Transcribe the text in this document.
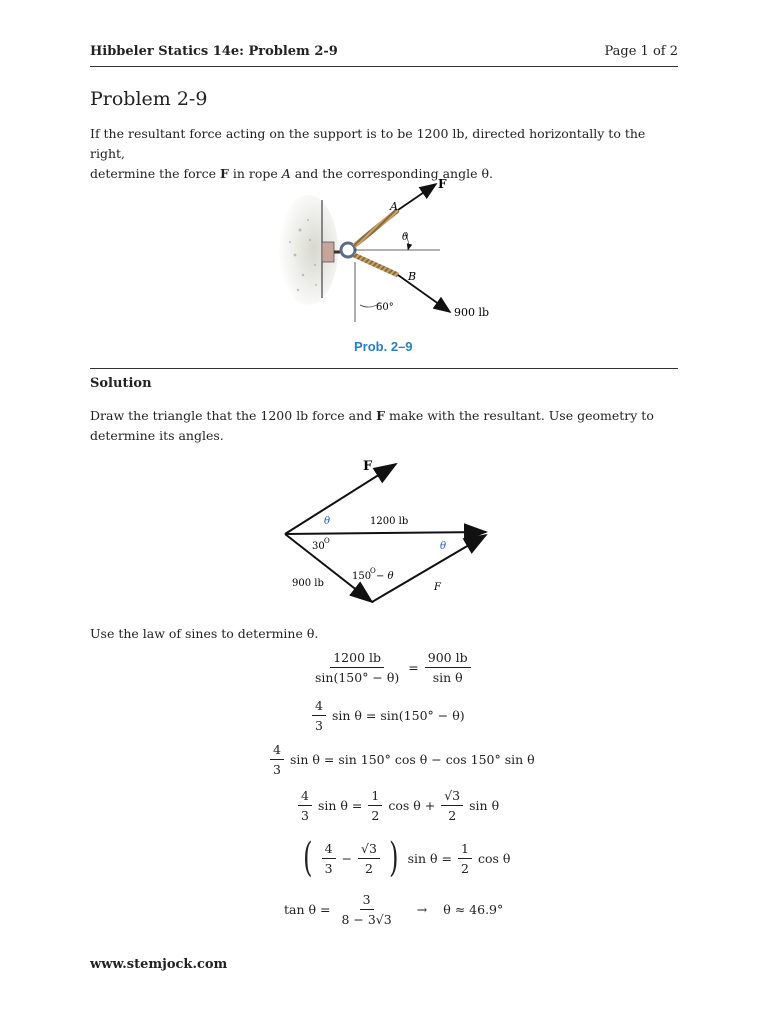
Hibbeler Statics 14e: Problem 2-9	Page 1 of 2
Problem 2-9
If the resultant force acting on the support is to be 1200 lb, directed horizontally to the right,
determine the force F in rope A and the corresponding angle θ.
F
A
θ
B
60°	900 lb
Prob. 2–9
Solution
Draw the triangle that the 1200 lb force and F make with the resultant. Use geometry to
determine its angles.
F
θ	1200 lb
θ
30 O
150
O − θ
900 lb	F
Use the law of sines to determine θ.
$\frac{1200 lb}{\sin(150^\circ - \theta)} = \frac{900 lb}{\text{sin θ}}$
$\frac{4}{3}$ sin θ = sin(150° − θ)
$\frac{4}{3}$ sin θ = sin 150° cos θ − cos 150° sin θ
$\frac{4}{3}$ $\sin \theta = \frac{1}{2}$ $\cos \theta + \frac{√3}{2}$ sin θ
( $\frac{4}{3} - \frac{√3}{2}$ ) $\sin \theta = \frac{1}{2}$ cos θ
$\tan \theta = \frac{3}{8 - 3√3} \to \theta \approx 46.9^\circ$
www.stemjock.com
